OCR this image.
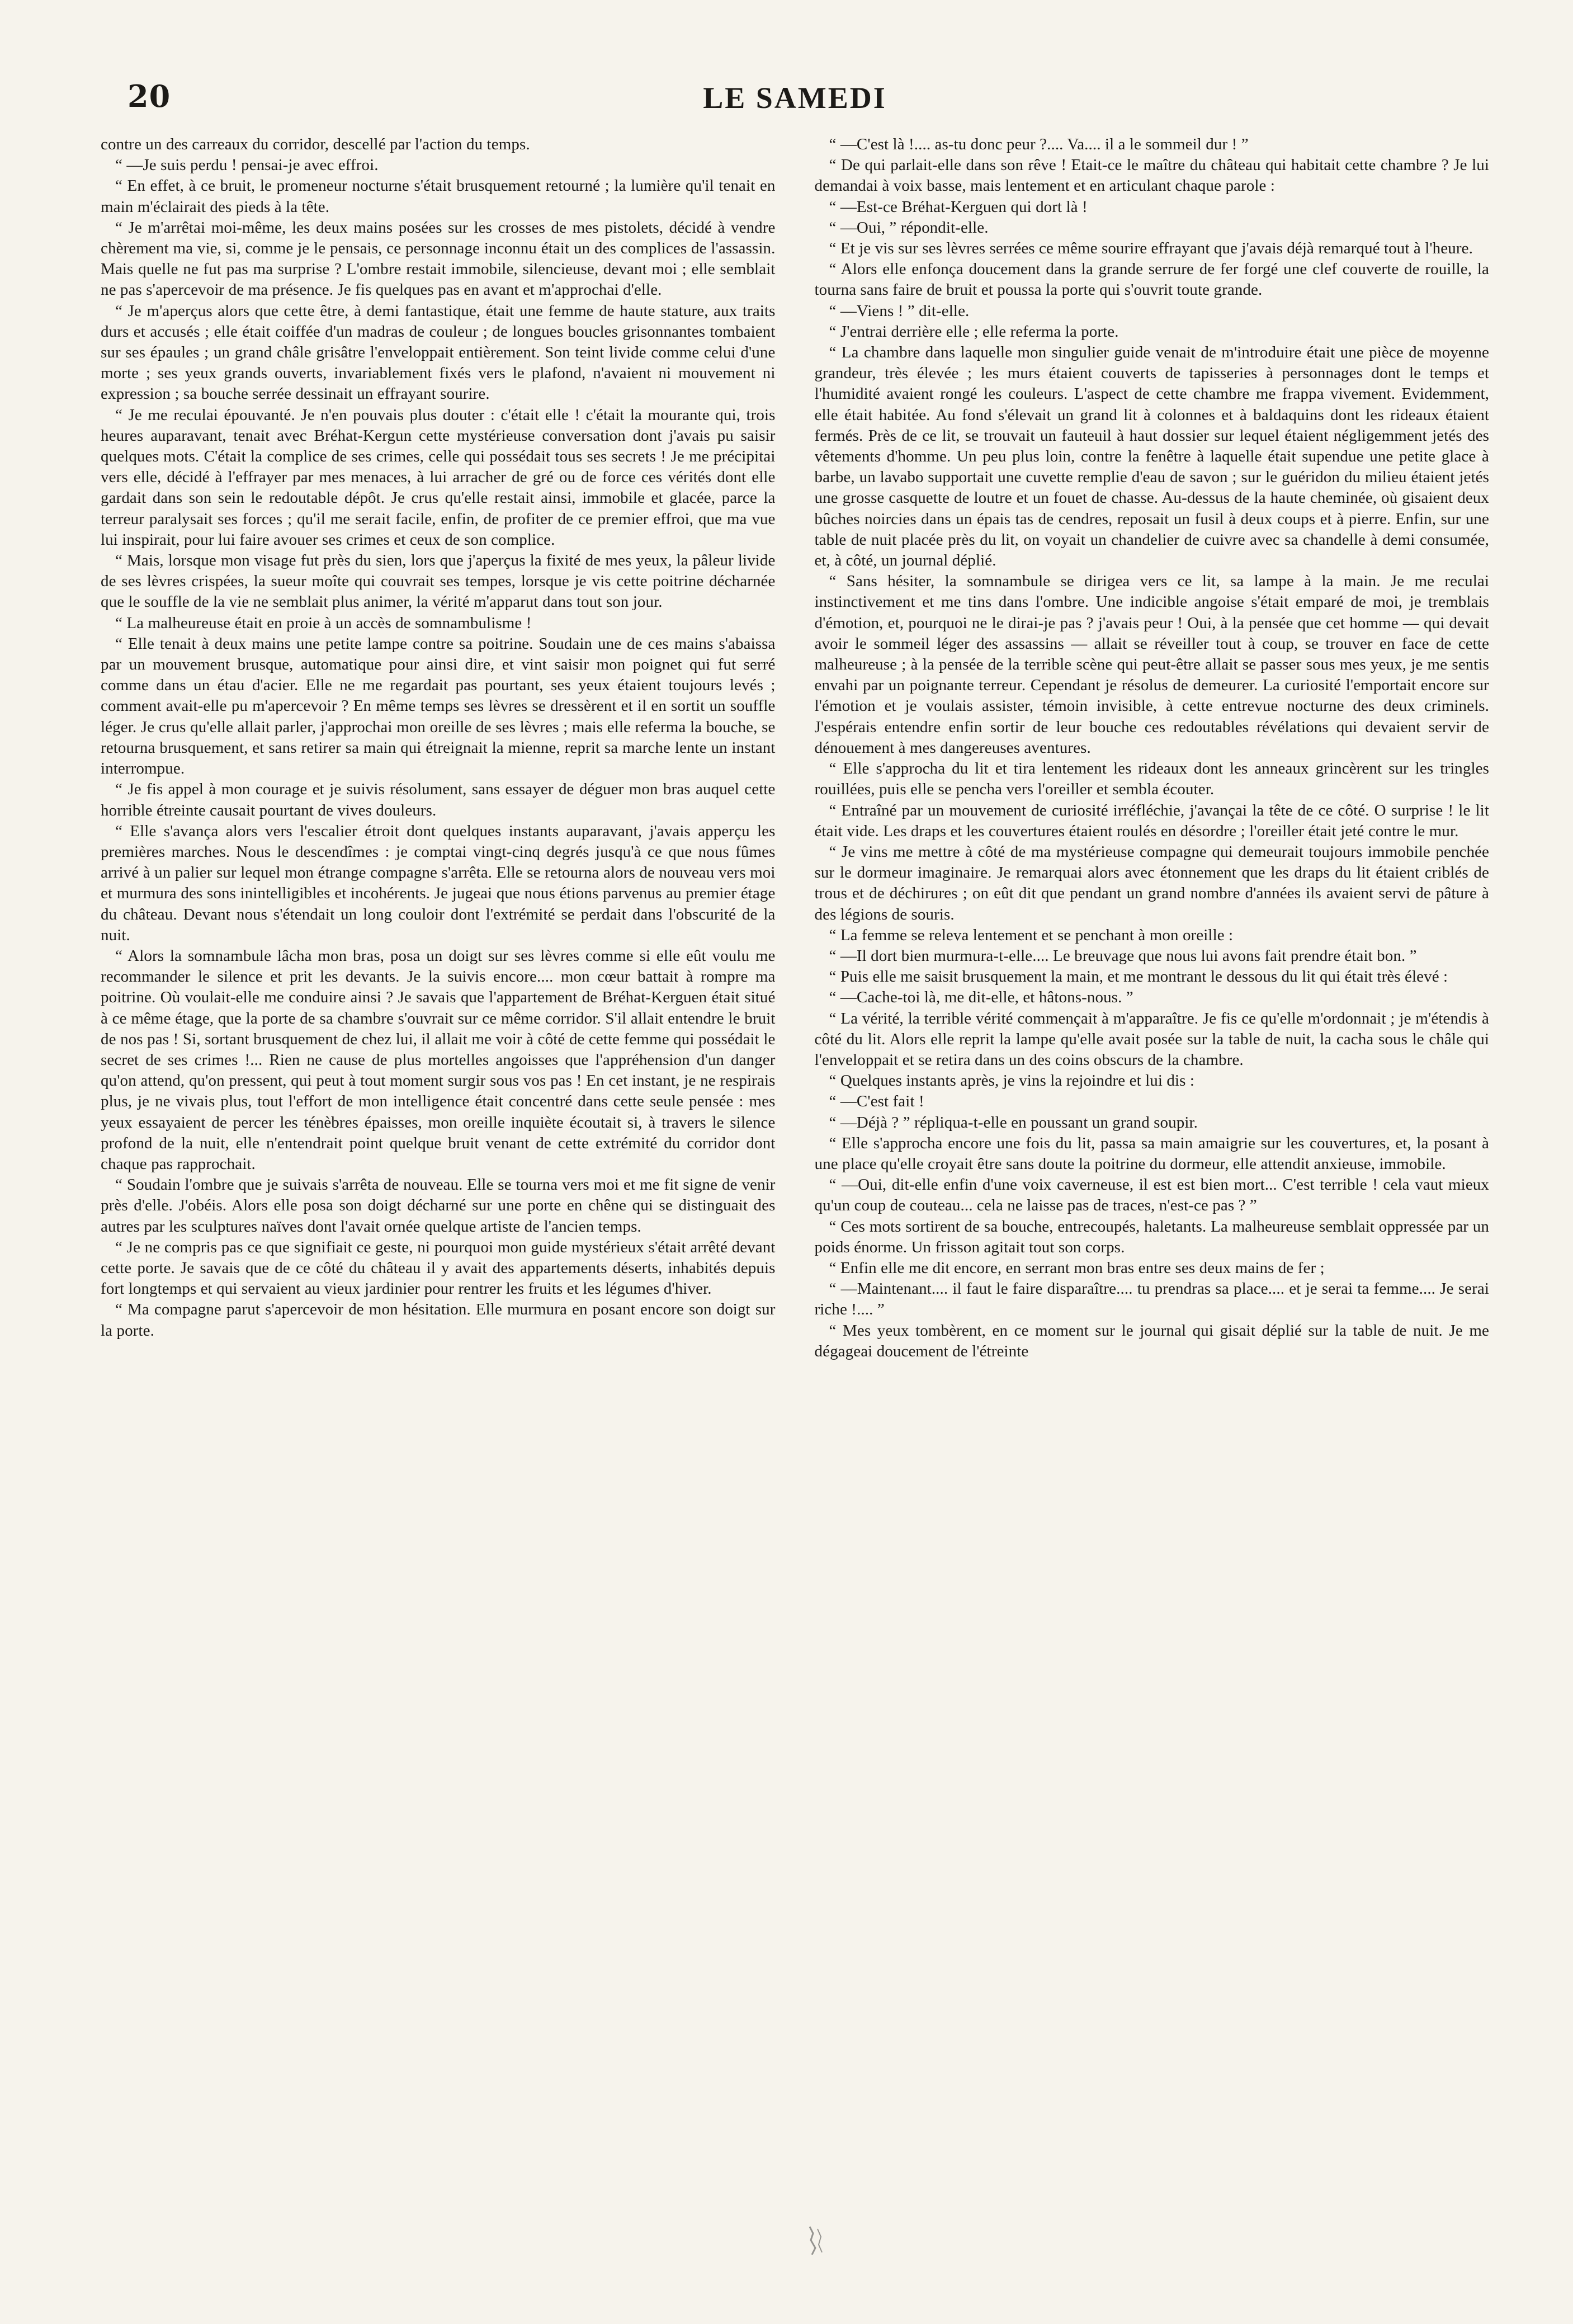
20	LE SAMEDI

contre un des carreaux du corridor, descellé par l'action du temps.

“ —Je suis perdu ! pensai-je avec effroi.

“ En effet, à ce bruit, le promeneur nocturne s'était brusquement retourné ; la lumière qu'il tenait en main m'éclairait des pieds à la tête.

“ Je m'arrêtai moi-même, les deux mains posées sur les crosses de mes pistolets, décidé à vendre chèrement ma vie, si, comme je le pensais, ce personnage inconnu était un des complices de l'assassin. Mais quelle ne fut pas ma surprise ? L'ombre restait immobile, silencieuse, devant moi ; elle semblait ne pas s'apercevoir de ma présence. Je fis quelques pas en avant et m'approchai d'elle.

“ Je m'aperçus alors que cette être, à demi fantastique, était une femme de haute stature, aux traits durs et accusés ; elle était coiffée d'un madras de couleur ; de longues boucles grisonnantes tombaient sur ses épaules ; un grand châle grisâtre l'enveloppait entièrement. Son teint livide comme celui d'une morte ; ses yeux grands ouverts, invariablement fixés vers le plafond, n'avaient ni mouvement ni expression ; sa bouche serrée dessinait un effrayant sourire.

“ Je me reculai épouvanté. Je n'en pouvais plus douter : c'était elle ! c'était la mourante qui, trois heures auparavant, tenait avec Bréhat-Kergun cette mystérieuse conversation dont j'avais pu saisir quelques mots. C'était la complice de ses crimes, celle qui possédait tous ses secrets ! Je me précipitai vers elle, décidé à l'effrayer par mes menaces, à lui arracher de gré ou de force ces vérités dont elle gardait dans son sein le redoutable dépôt. Je crus qu'elle restait ainsi, immobile et glacée, parce la terreur paralysait ses forces ; qu'il me serait facile, enfin, de profiter de ce premier effroi, que ma vue lui inspirait, pour lui faire avouer ses crimes et ceux de son complice.

“ Mais, lorsque mon visage fut près du sien, lors que j'aperçus la fixité de mes yeux, la pâleur livide de ses lèvres crispées, la sueur moîte qui couvrait ses tempes, lorsque je vis cette poitrine décharnée que le souffle de la vie ne semblait plus animer, la vérité m'apparut dans tout son jour.

“ La malheureuse était en proie à un accès de somnambulisme !

“ Elle tenait à deux mains une petite lampe contre sa poitrine. Soudain une de ces mains s'abaissa par un mouvement brusque, automatique pour ainsi dire, et vint saisir mon poignet qui fut serré comme dans un étau d'acier. Elle ne me regardait pas pourtant, ses yeux étaient toujours levés ; comment avait-elle pu m'apercevoir ? En même temps ses lèvres se dressèrent et il en sortit un souffle léger. Je crus qu'elle allait parler, j'approchai mon oreille de ses lèvres ; mais elle referma la bouche, se retourna brusquement, et sans retirer sa main qui étreignait la mienne, reprit sa marche lente un instant interrompue.

“ Je fis appel à mon courage et je suivis résolument, sans essayer de déguer mon bras auquel cette horrible étreinte causait pourtant de vives douleurs.

“ Elle s'avança alors vers l'escalier étroit dont quelques instants auparavant, j'avais apperçu les premières marches. Nous le descendîmes : je comptai vingt-cinq degrés jusqu'à ce que nous fûmes arrivé à un palier sur lequel mon étrange compagne s'arrêta. Elle se retourna alors de nouveau vers moi et murmura des sons inintelligibles et incohérents. Je jugeai que nous étions parvenus au premier étage du château. Devant nous s'étendait un long couloir dont l'extrémité se perdait dans l'obscurité de la nuit.

“ Alors la somnambule lâcha mon bras, posa un doigt sur ses lèvres comme si elle eût voulu me recommander le silence et prit les devants. Je la suivis encore.... mon cœur battait à rompre ma poitrine. Où voulait-elle me conduire ainsi ? Je savais que l'appartement de Bréhat-Kerguen était situé à ce même étage, que la porte de sa chambre s'ouvrait sur ce même corridor. S'il allait entendre le bruit de nos pas ! Si, sortant brusquement de chez lui, il allait me voir à côté de cette femme qui possédait le secret de ses crimes !... Rien ne cause de plus mortelles angoisses que l'appréhension d'un danger qu'on attend, qu'on pressent, qui peut à tout moment surgir sous vos pas ! En cet instant, je ne respirais plus, je ne vivais plus, tout l'effort de mon intelligence était concentré dans cette seule pensée : mes yeux essayaient de percer les ténèbres épaisses, mon oreille inquiète écoutait si, à travers le silence profond de la nuit, elle n'entendrait point quelque bruit venant de cette extrémité du corridor dont chaque pas rapprochait.

“ Soudain l'ombre que je suivais s'arrêta de nouveau. Elle se tourna vers moi et me fit signe de venir près d'elle. J'obéis. Alors elle posa son doigt décharné sur une porte en chêne qui se distinguait des autres par les sculptures naïves dont l'avait ornée quelque artiste de l'ancien temps.

“ Je ne compris pas ce que signifiait ce geste, ni pourquoi mon guide mystérieux s'était arrêté devant cette porte. Je savais que de ce côté du château il y avait des appartements déserts, inhabités depuis fort longtemps et qui servaient au vieux jardinier pour rentrer les fruits et les légumes d'hiver.

“ Ma compagne parut s'apercevoir de mon hésitation. Elle murmura en posant encore son doigt sur la porte.

“ —C'est là !.... as-tu donc peur ?.... Va.... il a le sommeil dur ! ”

“ De qui parlait-elle dans son rêve ! Etait-ce le maître du château qui habitait cette chambre ? Je lui demandai à voix basse, mais lentement et en articulant chaque parole :

“ —Est-ce Bréhat-Kerguen qui dort là !

“ —Oui, ” répondit-elle.

“ Et je vis sur ses lèvres serrées ce même sourire effrayant que j'avais déjà remarqué tout à l'heure.

“ Alors elle enfonça doucement dans la grande serrure de fer forgé une clef couverte de rouille, la tourna sans faire de bruit et poussa la porte qui s'ouvrit toute grande.

“ —Viens ! ” dit-elle.

“ J'entrai derrière elle ; elle referma la porte.

“ La chambre dans laquelle mon singulier guide venait de m'introduire était une pièce de moyenne grandeur, très élevée ; les murs étaient couverts de tapisseries à personnages dont le temps et l'humidité avaient rongé les couleurs. L'aspect de cette chambre me frappa vivement. Evidemment, elle était habitée. Au fond s'élevait un grand lit à colonnes et à baldaquins dont les rideaux étaient fermés. Près de ce lit, se trouvait un fauteuil à haut dossier sur lequel étaient négligemment jetés des vêtements d'homme. Un peu plus loin, contre la fenêtre à laquelle était supendue une petite glace à barbe, un lavabo supportait une cuvette remplie d'eau de savon ; sur le guéridon du milieu étaient jetés une grosse casquette de loutre et un fouet de chasse. Au-dessus de la haute cheminée, où gisaient deux bûches noircies dans un épais tas de cendres, reposait un fusil à deux coups et à pierre. Enfin, sur une table de nuit placée près du lit, on voyait un chandelier de cuivre avec sa chandelle à demi consumée, et, à côté, un journal déplié.

“ Sans hésiter, la somnambule se dirigea vers ce lit, sa lampe à la main. Je me reculai instinctivement et me tins dans l'ombre. Une indicible angoise s'était emparé de moi, je tremblais d'émotion, et, pourquoi ne le dirai-je pas ? j'avais peur ! Oui, à la pensée que cet homme — qui devait avoir le sommeil léger des assassins — allait se réveiller tout à coup, se trouver en face de cette malheureuse ; à la pensée de la terrible scène qui peut-être allait se passer sous mes yeux, je me sentis envahi par un poignante terreur. Cependant je résolus de demeurer. La curiosité l'emportait encore sur l'émotion et je voulais assister, témoin invisible, à cette entrevue nocturne des deux criminels. J'espérais entendre enfin sortir de leur bouche ces redoutables révélations qui devaient servir de dénouement à mes dangereuses aventures.

“ Elle s'approcha du lit et tira lentement les rideaux dont les anneaux grincèrent sur les tringles rouillées, puis elle se pencha vers l'oreiller et sembla écouter.

“ Entraîné par un mouvement de curiosité irréfléchie, j'avançai la tête de ce côté. O surprise ! le lit était vide. Les draps et les couvertures étaient roulés en désordre ; l'oreiller était jeté contre le mur.

“ Je vins me mettre à côté de ma mystérieuse compagne qui demeurait toujours immobile penchée sur le dormeur imaginaire. Je remarquai alors avec étonnement que les draps du lit étaient criblés de trous et de déchirures ; on eût dit que pendant un grand nombre d'années ils avaient servi de pâture à des légions de souris.

“ La femme se releva lentement et se penchant à mon oreille :

“ —Il dort bien murmura-t-elle.... Le breuvage que nous lui avons fait prendre était bon. ”

“ Puis elle me saisit brusquement la main, et me montrant le dessous du lit qui était très élevé :

“ —Cache-toi là, me dit-elle, et hâtons-nous. ”

“ La vérité, la terrible vérité commençait à m'apparaître. Je fis ce qu'elle m'ordonnait ; je m'étendis à côté du lit. Alors elle reprit la lampe qu'elle avait posée sur la table de nuit, la cacha sous le châle qui l'enveloppait et se retira dans un des coins obscurs de la chambre.

“ Quelques instants après, je vins la rejoindre et lui dis :

“ —C'est fait !

“ —Déjà ? ” répliqua-t-elle en poussant un grand soupir.

“ Elle s'approcha encore une fois du lit, passa sa main amaigrie sur les couvertures, et, la posant à une place qu'elle croyait être sans doute la poitrine du dormeur, elle attendit anxieuse, immobile.

“ —Oui, dit-elle enfin d'une voix caverneuse, il est est bien mort... C'est terrible ! cela vaut mieux qu'un coup de couteau... cela ne laisse pas de traces, n'est-ce pas ? ”

“ Ces mots sortirent de sa bouche, entrecoupés, haletants. La malheureuse semblait oppressée par un poids énorme. Un frisson agitait tout son corps.

“ Enfin elle me dit encore, en serrant mon bras entre ses deux mains de fer ;

“ —Maintenant.... il faut le faire disparaître.... tu prendras sa place.... et je serai ta femme.... Je serai riche !.... ”

“ Mes yeux tombèrent, en ce moment sur le journal qui gisait déplié sur la table de nuit. Je me dégageai doucement de l'étreinte
